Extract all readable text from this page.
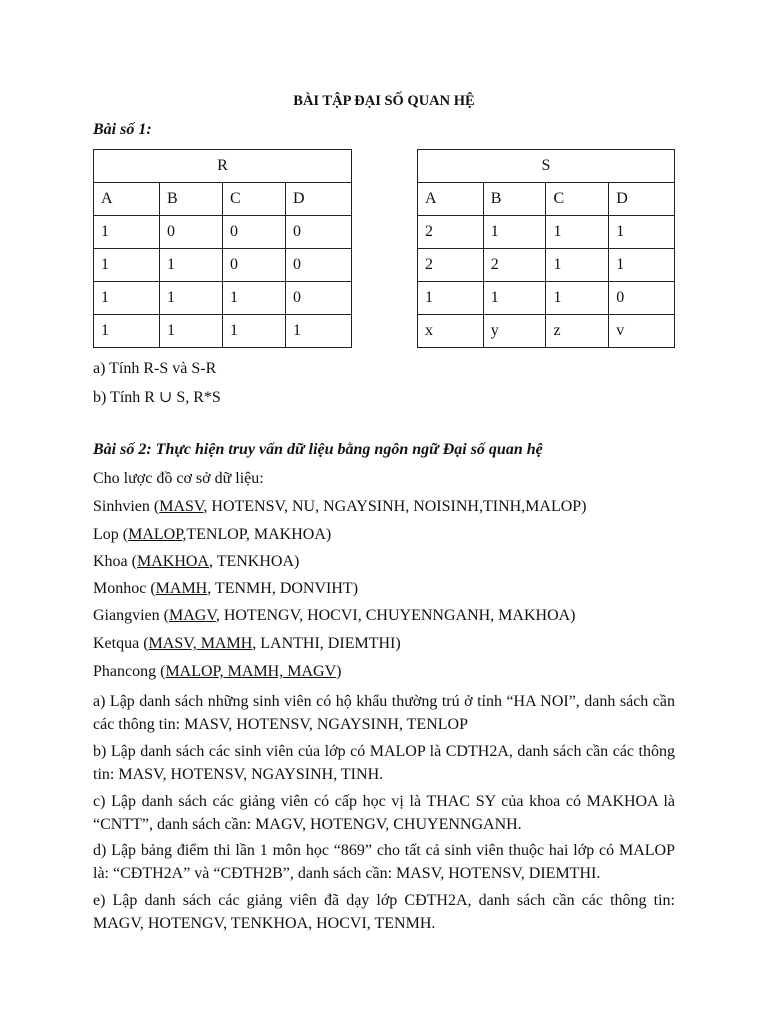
BÀI TẬP ĐẠI SỐ QUAN HỆ
Bài số 1:
R			
A	B	C	D
1	0	0	0
1	1	0	0
1	1	1	0
1	1	1	1
S			
A	B	C	D
2	1	1	1
2	2	1	1
1	1	1	0
x	y	z	v
a) Tính R-S và S-R
b) Tính R ∪ S, R*S
Bài số 2: Thực hiện truy vấn dữ liệu bằng ngôn ngữ Đại số quan hệ
Cho lược đồ cơ sở dữ liệu:
Sinhvien (MASV, HOTENSV, NU, NGAYSINH, NOISINH,TINH,MALOP)
Lop (MALOP,TENLOP, MAKHOA)
Khoa (MAKHOA, TENKHOA)
Monhoc (MAMH, TENMH, DONVIHT)
Giangvien (MAGV, HOTENGV, HOCVI, CHUYENNGANH, MAKHOA)
Ketqua (MASV, MAMH, LANTHI, DIEMTHI)
Phancong (MALOP, MAMH, MAGV)
a) Lập danh sách những sinh viên có hộ khẩu thường trú ở tỉnh “HA NOI”, danh sách cần các thông tin: MASV, HOTENSV, NGAYSINH, TENLOP
b) Lập danh sách các sinh viên của lớp có MALOP là CDTH2A, danh sách cần các thông tin: MASV, HOTENSV, NGAYSINH, TINH.
c) Lập danh sách các giảng viên có cấp học vị là THAC SY của khoa có MAKHOA là “CNTT”, danh sách cần: MAGV, HOTENGV, CHUYENNGANH.
d) Lập bảng điểm thi lần 1 môn học “869” cho tất cả sinh viên thuộc hai lớp có MALOP là: “CĐTH2A” và “CĐTH2B”, danh sách cần: MASV, HOTENSV, DIEMTHI.
e) Lập danh sách các giảng viên đã dạy lớp CĐTH2A, danh sách cần các thông tin: MAGV, HOTENGV, TENKHOA, HOCVI, TENMH.
